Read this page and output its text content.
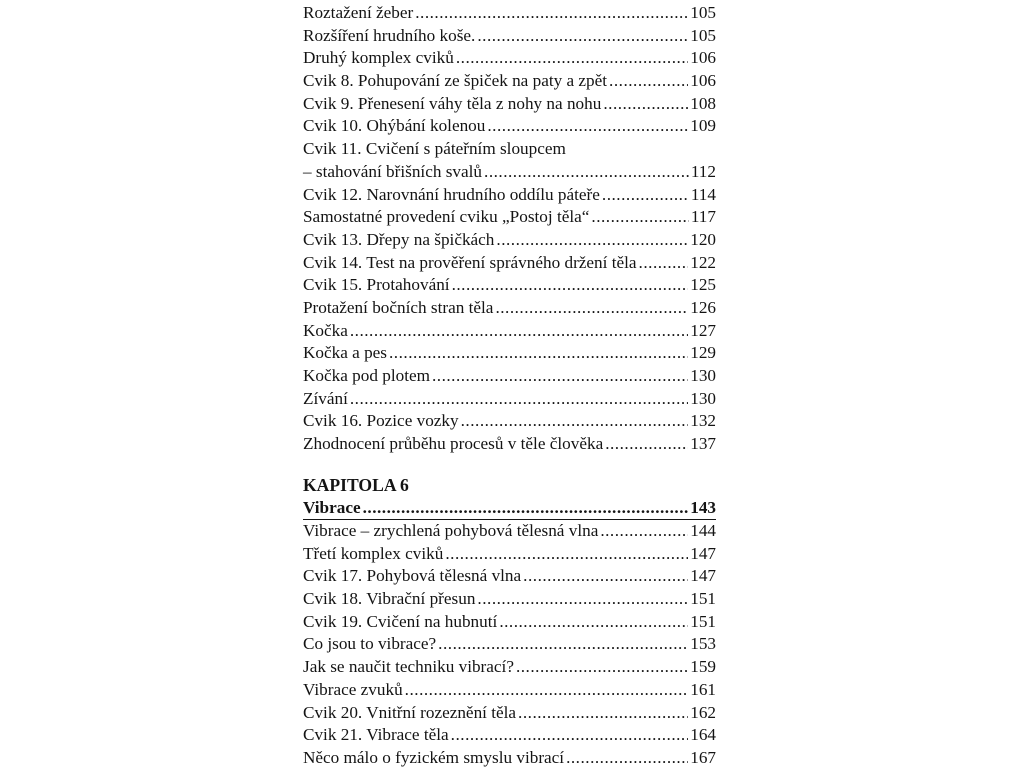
Roztažení žeber .....	105
Rozšíření hrudního koše. .....	105
Druhý komplex cviků .....	106
Cvik 8. Pohupování ze špiček na paty a zpět .....	106
Cvik 9. Přenesení váhy těla z nohy na nohu .....	108
Cvik 10. Ohýbání kolenou .....	109
Cvik 11. Cvičení s páteřním sloupcem
– stahování břišních svalů .....	112
Cvik 12. Narovnání hrudního oddílu páteře .....	114
Samostatné provedení cviku „Postoj těla“ .....	117
Cvik 13. Dřepy na špičkách .....	120
Cvik 14. Test na prověření správného držení těla .....	122
Cvik 15. Protahování .....	125
Protažení bočních stran těla .....	126
Kočka .....	127
Kočka a pes .....	129
Kočka pod plotem .....	130
Zívání .....	130
Cvik 16. Pozice vozky .....	132
Zhodnocení průběhu procesů v těle člověka .....	137
KAPITOLA 6
Vibrace .....	143
Vibrace – zrychlená pohybová tělesná vlna .....	144
Třetí komplex cviků .....	147
Cvik 17. Pohybová tělesná vlna .....	147
Cvik 18. Vibrační přesun .....	151
Cvik 19. Cvičení na hubnutí .....	151
Co jsou to vibrace? .....	153
Jak se naučit techniku vibrací? .....	159
Vibrace zvuků .....	161
Cvik 20. Vnitřní rozeznění těla .....	162
Cvik 21. Vibrace těla .....	164
Něco málo o fyzickém smyslu vibrací .....	167
